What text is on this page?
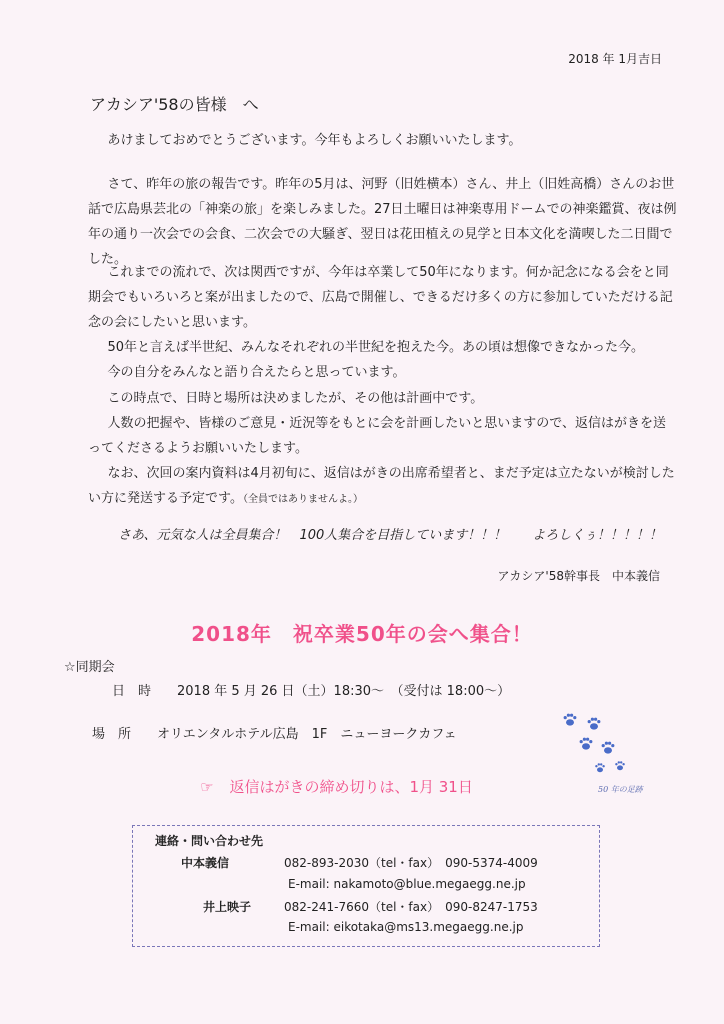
2018 年 1月吉日
アカシア'58の皆様　へ

あけましておめでとうございます。今年もよろしくお願いいたします。

さて、昨年の旅の報告です。昨年の5月は、河野（旧姓横本）さん、井上（旧姓高橋）さんのお世話で広島県芸北の「神楽の旅」を楽しみました。27日土曜日は神楽専用ドームでの神楽鑑賞、夜は例年の通り一次会での会食、二次会での大騒ぎ、翌日は花田植えの見学と日本文化を満喫した二日間でした。

これまでの流れで、次は関西ですが、今年は卒業して50年になります。何か記念になる会をと同期会でもいろいろと案が出ましたので、広島で開催し、できるだけ多くの方に参加していただける記念の会にしたいと思います。

50年と言えば半世紀、みんなそれぞれの半世紀を抱えた今。あの頃は想像できなかった今。

今の自分をみんなと語り合えたらと思っています。

この時点で、日時と場所は決めましたが、その他は計画中です。

人数の把握や、皆様のご意見・近況等をもとに会を計画したいと思いますので、返信はがきを送ってくださるようお願いいたします。

なお、次回の案内資料は4月初旬に、返信はがきの出席希望者と、まだ予定は立たないが検討したい方に発送する予定です。（全員ではありませんよ。）

さあ、元気な人は全員集合！　100人集合を目指しています！！！　　よろしくぅ！！！！！
アカシア'58幹事長　中本義信
2018年　祝卒業50年の会へ集合！
☆同期会
日　時　　2018 年 5 月 26 日（土）18:30～　（受付は 18:00～）
場　所　　オリエンタルホテル広島　1F　ニューヨークカフェ
50 年の足跡
☜ 返信はがきの締め切りは、1月 31日
連絡・問い合わせ先
中本義信	082-893-2030（tel・fax）　090-5374-4009
E-mail: nakamoto@blue.megaegg.ne.jp
井上映子	082-241-7660（tel・fax）　090-8247-1753
E-mail: eikotaka@ms13.megaegg.ne.jp
